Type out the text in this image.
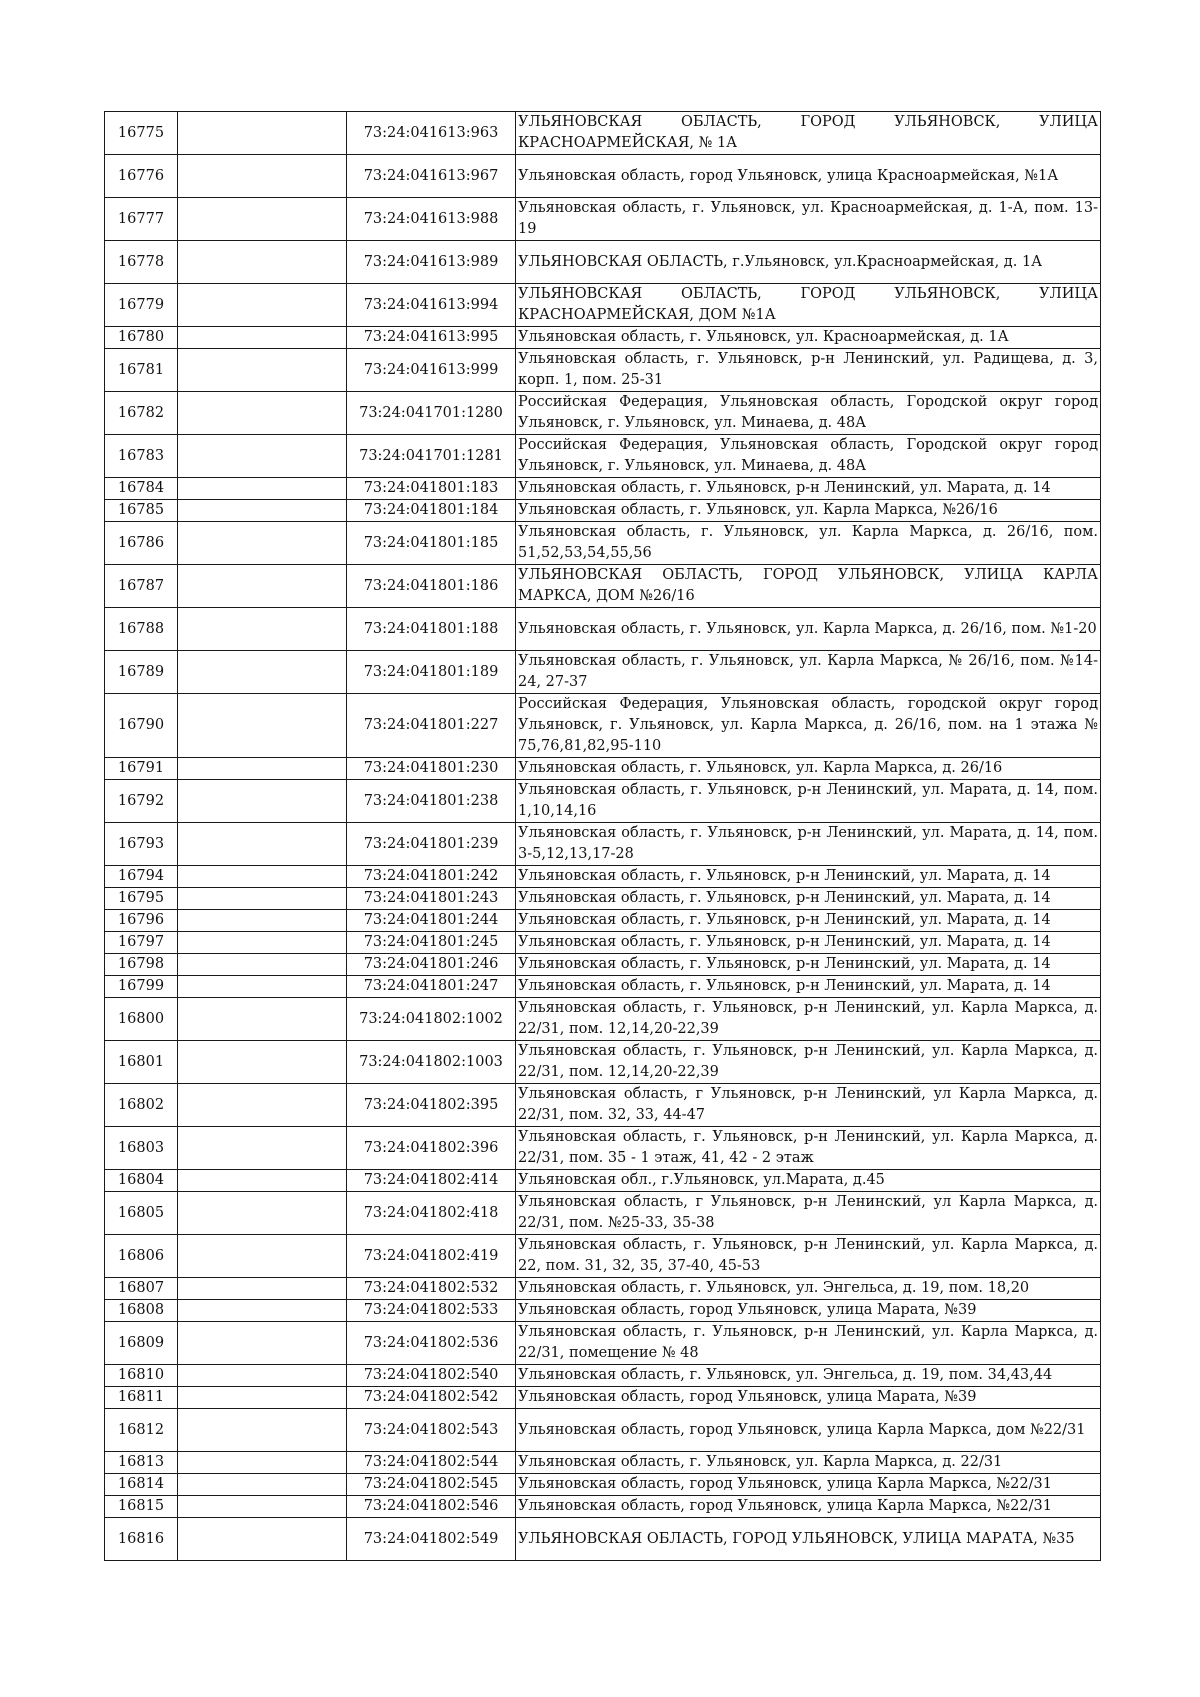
16775		73:24:041613:963	УЛЬЯНОВСКАЯ ОБЛАСТЬ, ГОРОД УЛЬЯНОВСК, УЛИЦА КРАСНОАРМЕЙСКАЯ, № 1А
16776		73:24:041613:967	Ульяновская область, город Ульяновск, улица Красноармейская, №1А
16777		73:24:041613:988	Ульяновская область, г. Ульяновск, ул. Красноармейская, д. 1-А, пом. 13-19
16778		73:24:041613:989	УЛЬЯНОВСКАЯ ОБЛАСТЬ, г.Ульяновск, ул.Красноармейская, д. 1А
16779		73:24:041613:994	УЛЬЯНОВСКАЯ ОБЛАСТЬ, ГОРОД УЛЬЯНОВСК, УЛИЦА КРАСНОАРМЕЙСКАЯ, ДОМ №1А
16780		73:24:041613:995	Ульяновская область, г. Ульяновск, ул. Красноармейская, д. 1А
16781		73:24:041613:999	Ульяновская область, г. Ульяновск, р-н Ленинский, ул. Радищева, д. 3, корп. 1, пом. 25-31
16782		73:24:041701:1280	Российская Федерация, Ульяновская область, Городской округ город Ульяновск, г. Ульяновск, ул. Минаева, д. 48А
16783		73:24:041701:1281	Российская Федерация, Ульяновская область, Городской округ город Ульяновск, г. Ульяновск, ул. Минаева, д. 48А
16784		73:24:041801:183	Ульяновская область, г. Ульяновск, р-н Ленинский, ул. Марата, д. 14
16785		73:24:041801:184	Ульяновская область, г. Ульяновск, ул. Карла Маркса, №26/16
16786		73:24:041801:185	Ульяновская область, г. Ульяновск, ул. Карла Маркса, д. 26/16, пом. 51,52,53,54,55,56
16787		73:24:041801:186	УЛЬЯНОВСКАЯ ОБЛАСТЬ, ГОРОД УЛЬЯНОВСК, УЛИЦА КАРЛА МАРКСА, ДОМ №26/16
16788		73:24:041801:188	Ульяновская область, г. Ульяновск, ул. Карла Маркса, д. 26/16, пом. №1-20
16789		73:24:041801:189	Ульяновская область, г. Ульяновск, ул. Карла Маркса, № 26/16, пом. №14-24, 27-37
16790		73:24:041801:227	Российская Федерация, Ульяновская область, городской округ город Ульяновск, г. Ульяновск, ул. Карла Маркса, д. 26/16, пом. на 1 этажа № 75,76,81,82,95-110
16791		73:24:041801:230	Ульяновская область, г. Ульяновск, ул. Карла Маркса, д. 26/16
16792		73:24:041801:238	Ульяновская область, г. Ульяновск, р-н Ленинский, ул. Марата, д. 14, пом. 1,10,14,16
16793		73:24:041801:239	Ульяновская область, г. Ульяновск, р-н Ленинский, ул. Марата, д. 14, пом. 3-5,12,13,17-28
16794		73:24:041801:242	Ульяновская область, г. Ульяновск, р-н Ленинский, ул. Марата, д. 14
16795		73:24:041801:243	Ульяновская область, г. Ульяновск, р-н Ленинский, ул. Марата, д. 14
16796		73:24:041801:244	Ульяновская область, г. Ульяновск, р-н Ленинский, ул. Марата, д. 14
16797		73:24:041801:245	Ульяновская область, г. Ульяновск, р-н Ленинский, ул. Марата, д. 14
16798		73:24:041801:246	Ульяновская область, г. Ульяновск, р-н Ленинский, ул. Марата, д. 14
16799		73:24:041801:247	Ульяновская область, г. Ульяновск, р-н Ленинский, ул. Марата, д. 14
16800		73:24:041802:1002	Ульяновская область, г. Ульяновск, р-н Ленинский, ул. Карла Маркса, д. 22/31, пом. 12,14,20-22,39
16801		73:24:041802:1003	Ульяновская область, г. Ульяновск, р-н Ленинский, ул. Карла Маркса, д. 22/31, пом. 12,14,20-22,39
16802		73:24:041802:395	Ульяновская область, г Ульяновск, р-н Ленинский, ул Карла Маркса, д. 22/31, пом. 32, 33, 44-47
16803		73:24:041802:396	Ульяновская область, г. Ульяновск, р-н Ленинский, ул. Карла Маркса, д. 22/31, пом. 35 - 1 этаж, 41, 42 - 2 этаж
16804		73:24:041802:414	Ульяновская обл., г.Ульяновск, ул.Марата, д.45
16805		73:24:041802:418	Ульяновская область, г Ульяновск, р-н Ленинский, ул Карла Маркса, д. 22/31, пом. №25-33, 35-38
16806		73:24:041802:419	Ульяновская область, г. Ульяновск, р-н Ленинский, ул. Карла Маркса, д. 22, пом. 31, 32, 35, 37-40, 45-53
16807		73:24:041802:532	Ульяновская область, г. Ульяновск, ул. Энгельса, д. 19, пом. 18,20
16808		73:24:041802:533	Ульяновская область, город Ульяновск, улица Марата, №39
16809		73:24:041802:536	Ульяновская область, г. Ульяновск, р-н Ленинский, ул. Карла Маркса, д. 22/31, помещение № 48
16810		73:24:041802:540	Ульяновская область, г. Ульяновск, ул. Энгельса, д. 19, пом. 34,43,44
16811		73:24:041802:542	Ульяновская область, город Ульяновск, улица Марата, №39
16812		73:24:041802:543	Ульяновская область, город Ульяновск, улица Карла Маркса, дом №22/31
16813		73:24:041802:544	Ульяновская область, г. Ульяновск, ул. Карла Маркса, д. 22/31
16814		73:24:041802:545	Ульяновская область, город Ульяновск, улица Карла Маркса, №22/31
16815		73:24:041802:546	Ульяновская область, город Ульяновск, улица Карла Маркса, №22/31
16816		73:24:041802:549	УЛЬЯНОВСКАЯ ОБЛАСТЬ, ГОРОД УЛЬЯНОВСК, УЛИЦА МАРАТА, №35
